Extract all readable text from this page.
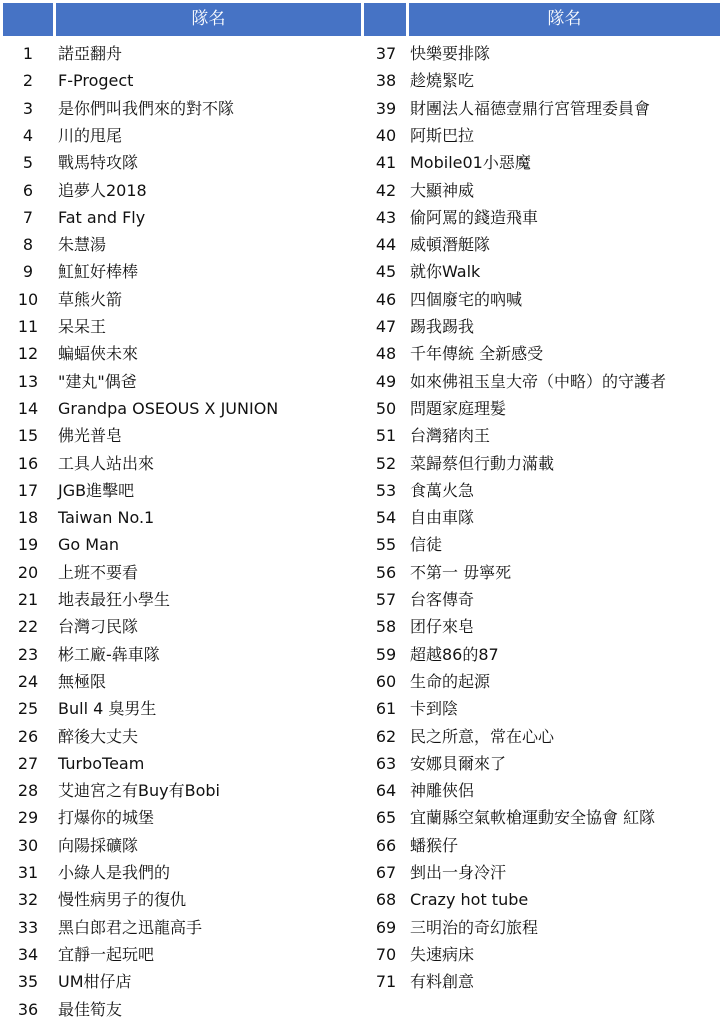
隊名	隊名
1	諾亞翻舟
2	F-Progect
3	是你們叫我們來的對不隊
4	川的甩尾
5	戰馬特攻隊
6	追夢人2018
7	Fat and Fly
8	朱慧湯
9	魟魟好棒棒
10	草熊火箭
11	呆呆王
12	蝙蝠俠未來
13	"建丸"偶爸
14	Grandpa OSEOUS X JUNION
15	佛光普皂
16	工具人站出來
17	JGB進擊吧
18	Taiwan No.1
19	Go Man
20	上班不要看
21	地表最狂小學生
22	台灣刁民隊
23	彬工廠-犇車隊
24	無極限
25	Bull 4 臭男生
26	醉後大丈夫
27	TurboTeam
28	艾迪宮之有Buy有Bobi
29	打爆你的城堡
30	向陽採礦隊
31	小綠人是我們的
32	慢性病男子的復仇
33	黑白郎君之迅龍高手
34	宜靜一起玩吧
35	UM柑仔店
36	最佳筍友
37 快樂要排隊
38 趁燒緊吃
39 財團法人福德壹鼎行宮管理委員會
40 阿斯巴拉
41 Mobile01小惡魔
42 大顯神威
43 偷阿罵的錢造飛車
44 威頓潛艇隊
45 就你Walk
46 四個廢宅的吶喊
47 踢我踢我
48 千年傳統 全新感受
49 如來佛祖玉皇大帝（中略）的守護者
50 問題家庭理髮
51 台灣豬肉王
52 菜歸蔡但行動力滿載
53 食萬火急
54 自由車隊
55 信徒
56 不第一 毋寧死
57 台客傳奇
58 团仔來皂
59 超越86的87
60 生命的起源
61 卡到陰
62 民之所意，常在心心
63 安娜貝爾來了
64 神雕俠侶
65 宜蘭縣空氣軟槍運動安全協會 紅隊
66 蟠猴仔
67 剉出一身冷汗
68 Crazy hot tube
69 三明治的奇幻旅程
70 失速病床
71 有料創意
